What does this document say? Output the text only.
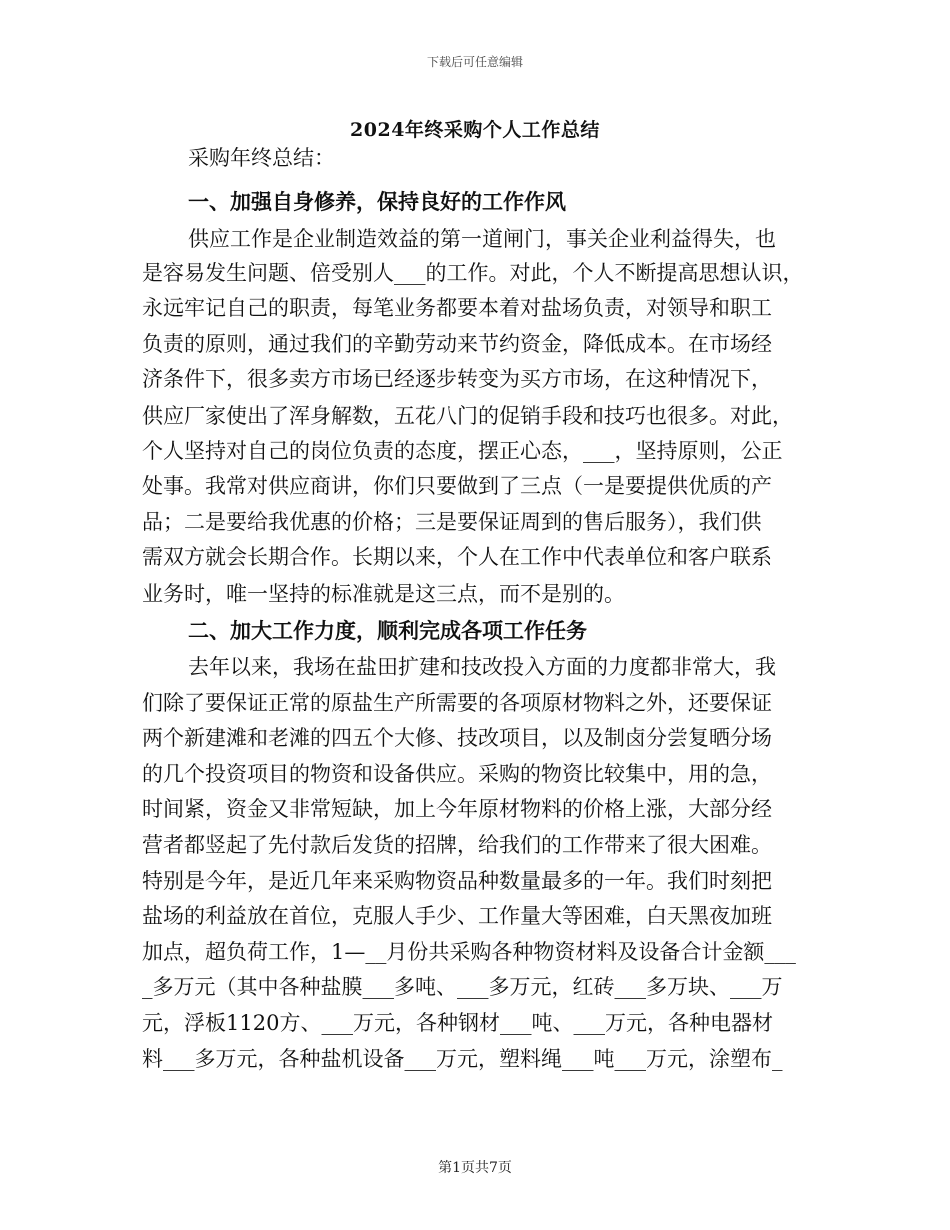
下载后可任意编辑
2024年终采购个人工作总结
采购年终总结：
一、加强自身修养，保持良好的工作作风
供应工作是企业制造效益的第一道闸门，事关企业利益得失，也
是容易发生问题、倍受别人___的工作。对此，个人不断提高思想认识，
永远牢记自己的职责，每笔业务都要本着对盐场负责，对领导和职工
负责的原则，通过我们的辛勤劳动来节约资金，降低成本。在市场经
济条件下，很多卖方市场已经逐步转变为买方市场，在这种情况下，
供应厂家使出了浑身解数，五花八门的促销手段和技巧也很多。对此，
个人坚持对自己的岗位负责的态度，摆正心态，___，坚持原则，公正
处事。我常对供应商讲，你们只要做到了三点（一是要提供优质的产
品；二是要给我优惠的价格；三是要保证周到的售后服务），我们供
需双方就会长期合作。长期以来，个人在工作中代表单位和客户联系
业务时，唯一坚持的标准就是这三点，而不是别的。
二、加大工作力度，顺利完成各项工作任务
去年以来，我场在盐田扩建和技改投入方面的力度都非常大，我
们除了要保证正常的原盐生产所需要的各项原材物料之外，还要保证
两个新建滩和老滩的四五个大修、技改项目，以及制卤分尝复晒分场
的几个投资项目的物资和设备供应。采购的物资比较集中，用的急，
时间紧，资金又非常短缺，加上今年原材物料的价格上涨，大部分经
营者都竖起了先付款后发货的招牌，给我们的工作带来了很大困难。
特别是今年，是近几年来采购物资品种数量最多的一年。我们时刻把
盐场的利益放在首位，克服人手少、工作量大等困难，白天黑夜加班
加点，超负荷工作，1—__月份共采购各种物资材料及设备合计金额___
_多万元（其中各种盐膜___多吨、___多万元，红砖___多万块、___万
元，浮板1120方、___万元，各种钢材___吨、___万元，各种电器材
料___多万元，各种盐机设备___万元，塑料绳___吨___万元，涂塑布_
第1页共7页
